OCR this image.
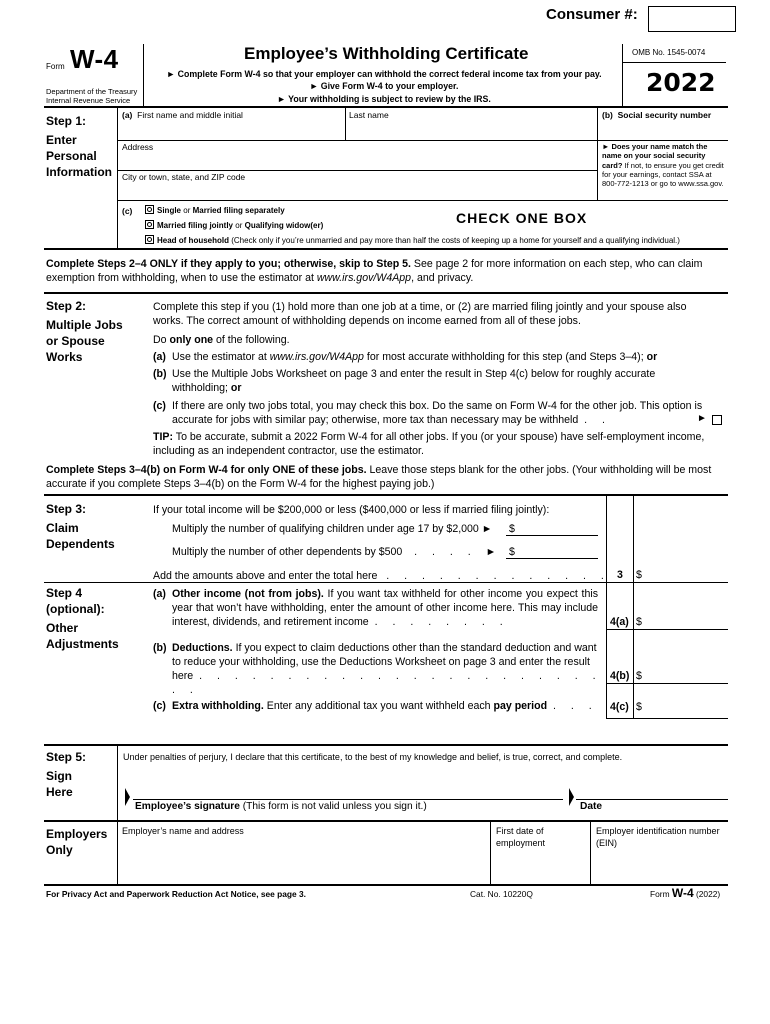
Consumer #:
Form W-4
Department of the Treasury
Internal Revenue Service
Employee’s Withholding Certificate
► Complete Form W-4 so that your employer can withhold the correct federal income tax from your pay.
► Give Form W-4 to your employer.
► Your withholding is subject to review by the IRS.
OMB No. 1545-0074
2022
Step 1:
Enter
Personal
Information
(a) First name and middle initial	Last name	(b) Social security number
Address
City or town, state, and ZIP code
► Does your name match the name on your social security card? If not, to ensure you get credit for your earnings, contact SSA at 800-772-1213 or go to www.ssa.gov.
(c)	Single or Married filing separately
Married filing jointly or Qualifying widow(er)
Head of household (Check only if you’re unmarried and pay more than half the costs of keeping up a home for yourself and a qualifying individual.)
CHECK ONE BOX
Complete Steps 2–4 ONLY if they apply to you; otherwise, skip to Step 5. See page 2 for more information on each step, who can claim exemption from withholding, when to use the estimator at www.irs.gov/W4App, and privacy.
Step 2:
Multiple Jobs
or Spouse
Works
Complete this step if you (1) hold more than one job at a time, or (2) are married filing jointly and your spouse also works. The correct amount of withholding depends on income earned from all of these jobs.
Do only one of the following.
(a) Use the estimator at www.irs.gov/W4App for most accurate withholding for this step (and Steps 3–4); or
(b) Use the Multiple Jobs Worksheet on page 3 and enter the result in Step 4(c) below for roughly accurate withholding; or
(c) If there are only two jobs total, you may check this box. Do the same on Form W-4 for the other job. This option is accurate for jobs with similar pay; otherwise, more tax than necessary may be withheld . .	►
TIP: To be accurate, submit a 2022 Form W-4 for all other jobs. If you (or your spouse) have self-employment income, including as an independent contractor, use the estimator.
Complete Steps 3–4(b) on Form W-4 for only ONE of these jobs. Leave those steps blank for the other jobs. (Your withholding will be most accurate if you complete Steps 3–4(b) on the Form W-4 for the highest paying job.)
Step 3:
Claim
Dependents
If your total income will be $200,000 or less ($400,000 or less if married filing jointly):
Multiply the number of qualifying children under age 17 by $2,000 ► $
Multiply the number of other dependents by $500 . . . . ► $
Add the amounts above and enter the total here . . . . . . . . . . . . . 3 $
Step 4
(optional):
Other
Adjustments
(a) Other income (not from jobs). If you want tax withheld for other income you expect this year that won’t have withholding, enter the amount of other income here. This may include interest, dividends, and retirement income . . . . . . . .	4(a) $
(b) Deductions. If you expect to claim deductions other than the standard deduction and want to reduce your withholding, use the Deductions Worksheet on page 3 and enter the result here . . . . . . . . . . . . . . . . . . . . . . . . .
4(b) $
(c) Extra withholding. Enter any additional tax you want withheld each pay period . . . 4(c) $
Step 5:
Sign
Here
Under penalties of perjury, I declare that this certificate, to the best of my knowledge and belief, is true, correct, and complete.
Employee’s signature (This form is not valid unless you sign it.)	Date
Employers
Only
Employer’s name and address	First date of employment
Employer identification number (EIN)
For Privacy Act and Paperwork Reduction Act Notice, see page 3.	Cat. No. 10220Q	Form W-4 (2022)
